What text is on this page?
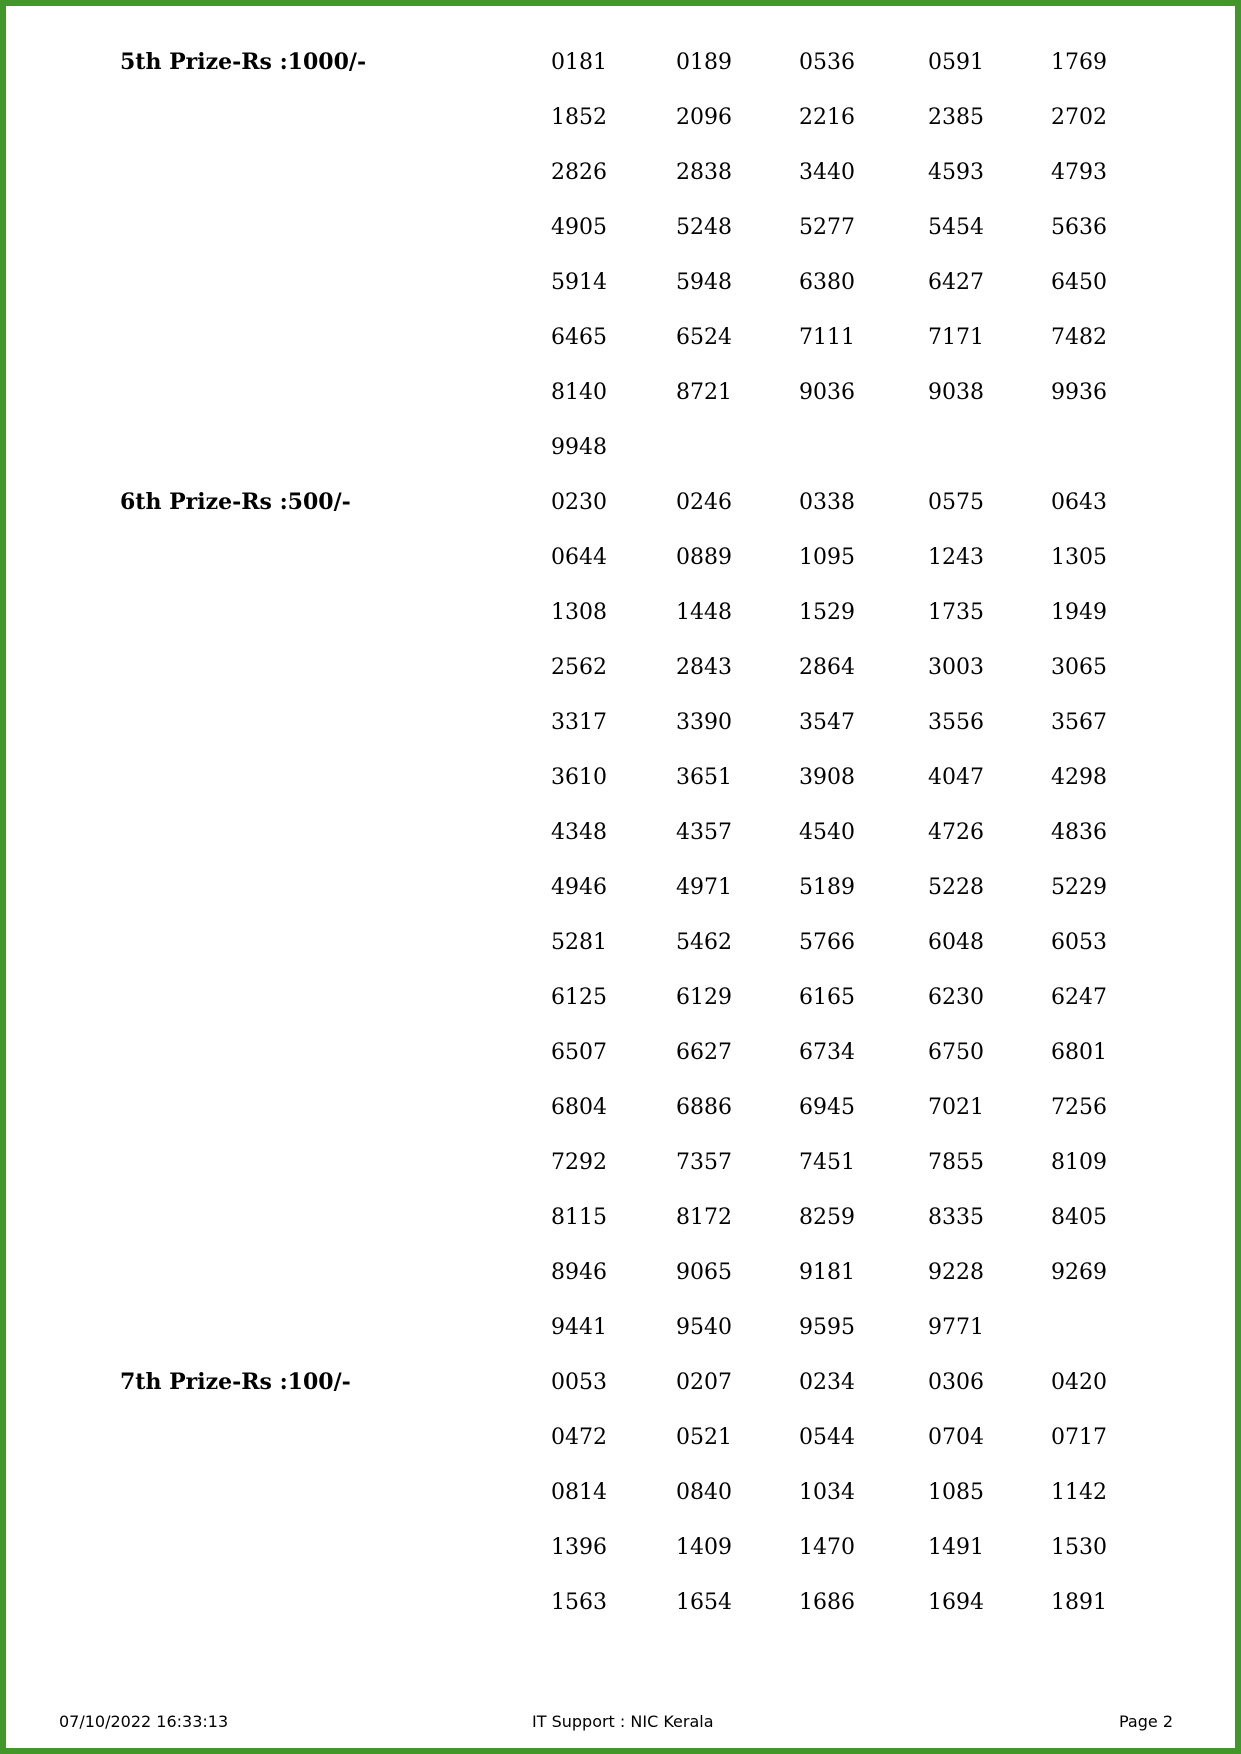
5th Prize-Rs :1000/-	0181	0189	0536	0591	1769
1852	2096	2216	2385	2702
2826	2838	3440	4593	4793
4905	5248	5277	5454	5636
5914	5948	6380	6427	6450
6465	6524	7111	7171	7482
8140	8721	9036	9038	9936
9948
6th Prize-Rs :500/-	0230	0246	0338	0575	0643
0644	0889	1095	1243	1305
1308	1448	1529	1735	1949
2562	2843	2864	3003	3065
3317	3390	3547	3556	3567
3610	3651	3908	4047	4298
4348	4357	4540	4726	4836
4946	4971	5189	5228	5229
5281	5462	5766	6048	6053
6125	6129	6165	6230	6247
6507	6627	6734	6750	6801
6804	6886	6945	7021	7256
7292	7357	7451	7855	8109
8115	8172	8259	8335	8405
8946	9065	9181	9228	9269
9441	9540	9595	9771
7th Prize-Rs :100/-	0053	0207	0234	0306	0420
0472	0521	0544	0704	0717
0814	0840	1034	1085	1142
1396	1409	1470	1491	1530
1563	1654	1686	1694	1891
07/10/2022 16:33:13	IT Support : NIC Kerala	Page 2
